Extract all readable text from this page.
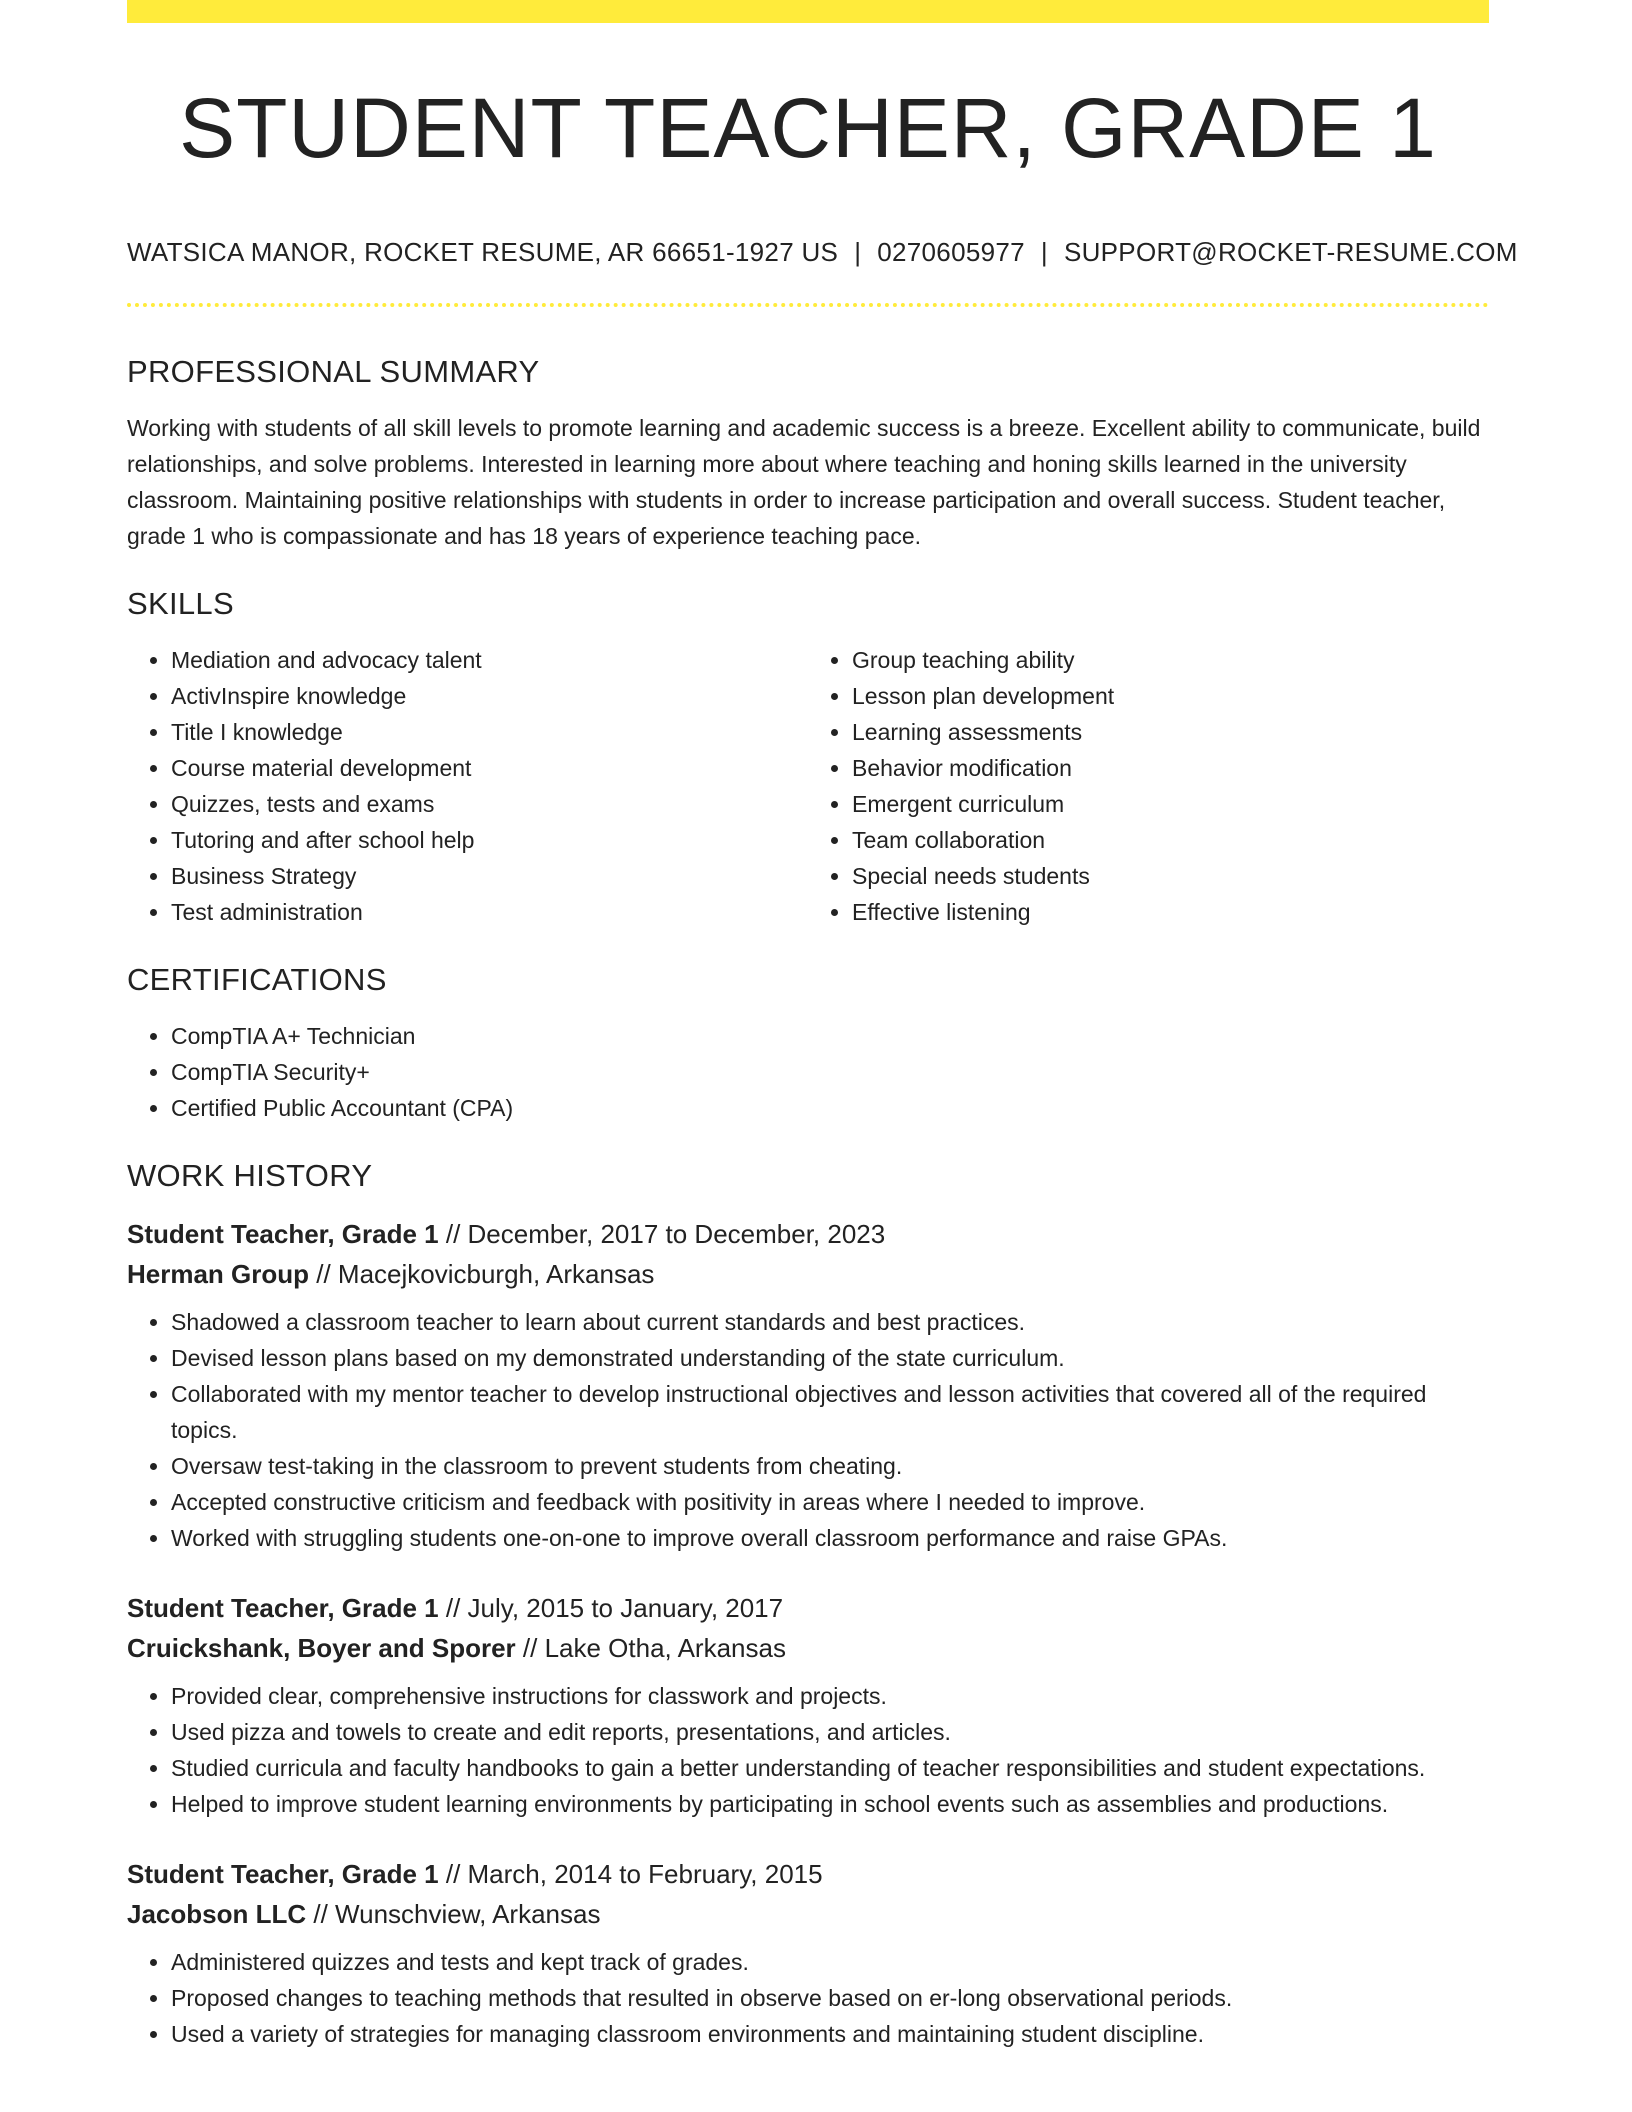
STUDENT TEACHER, GRADE 1
WATSICA MANOR, ROCKET RESUME, AR 66651-1927 US | 0270605977 | SUPPORT@ROCKET-RESUME.COM
PROFESSIONAL SUMMARY

Working with students of all skill levels to promote learning and academic success is a breeze. Excellent ability to communicate, build relationships, and solve problems. Interested in learning more about where teaching and honing skills learned in the university classroom. Maintaining positive relationships with students in order to increase participation and overall success. Student teacher, grade 1 who is compassionate and has 18 years of experience teaching pace.

SKILLS
• Mediation and advocacy talent
• ActivInspire knowledge
• Title I knowledge
• Course material development
• Quizzes, tests and exams
• Tutoring and after school help
• Business Strategy
• Test administration
• Group teaching ability
• Lesson plan development
• Learning assessments
• Behavior modification
• Emergent curriculum
• Team collaboration
• Special needs students
• Effective listening
CERTIFICATIONS
• CompTIA A+ Technician
• CompTIA Security+
• Certified Public Accountant (CPA)
WORK HISTORY
Student Teacher, Grade 1 // December, 2017 to December, 2023
Herman Group // Macejkovicburgh, Arkansas
• Shadowed a classroom teacher to learn about current standards and best practices.
• Devised lesson plans based on my demonstrated understanding of the state curriculum.
• Collaborated with my mentor teacher to develop instructional objectives and lesson activities that covered all of the required topics.
• Oversaw test-taking in the classroom to prevent students from cheating.
• Accepted constructive criticism and feedback with positivity in areas where I needed to improve.
• Worked with struggling students one-on-one to improve overall classroom performance and raise GPAs.
Student Teacher, Grade 1 // July, 2015 to January, 2017
Cruickshank, Boyer and Sporer // Lake Otha, Arkansas
• Provided clear, comprehensive instructions for classwork and projects.
• Used pizza and towels to create and edit reports, presentations, and articles.
• Studied curricula and faculty handbooks to gain a better understanding of teacher responsibilities and student expectations.
• Helped to improve student learning environments by participating in school events such as assemblies and productions.
Student Teacher, Grade 1 // March, 2014 to February, 2015
Jacobson LLC // Wunschview, Arkansas
• Administered quizzes and tests and kept track of grades.
• Proposed changes to teaching methods that resulted in observe based on er-long observational periods.
• Used a variety of strategies for managing classroom environments and maintaining student discipline.
